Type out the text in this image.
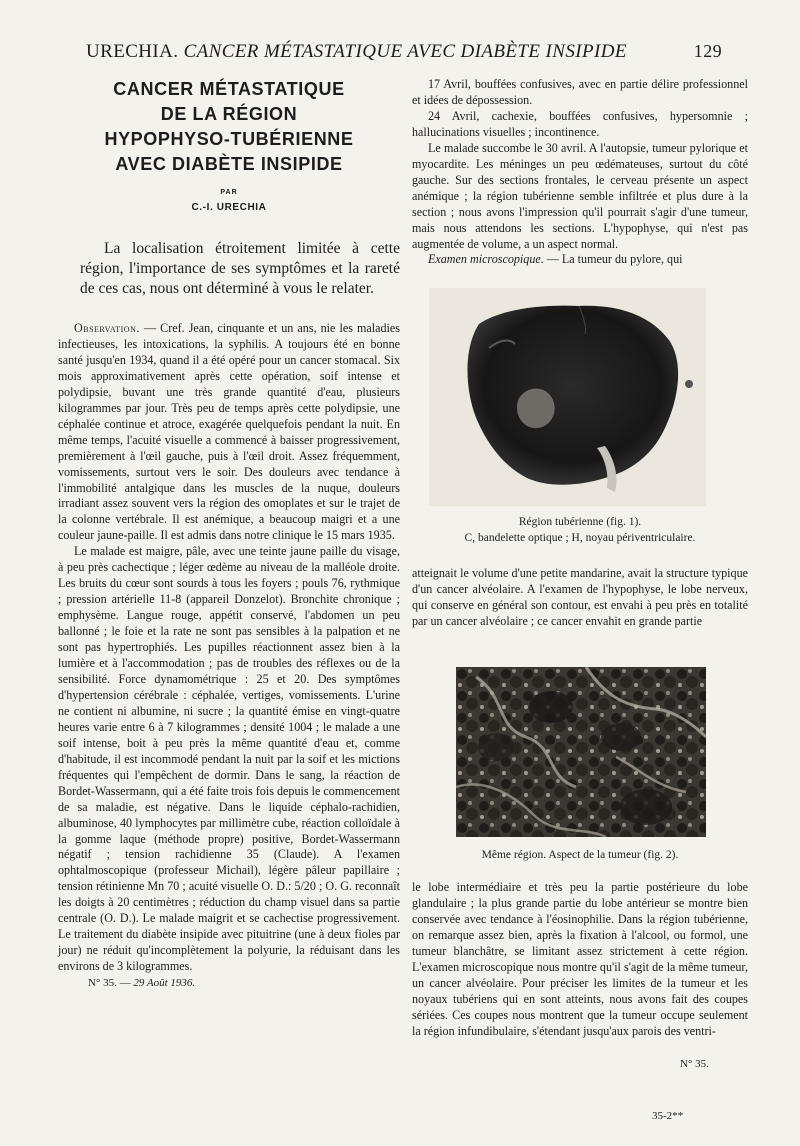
URECHIA. CANCER MÉTASTATIQUE AVEC DIABÈTE INSIPIDE	129

CANCER MÉTASTATIQUE

DE LA RÉGION

HYPOPHYSO-TUBÉRIENNE

AVEC DIABÈTE INSIPIDE

PAR
C.-I. URECHIA

La localisation étroitement limitée à cette région, l'importance de ses symptômes et la rareté de ces cas, nous ont déterminé à vous le relater.

Observation. — Cref. Jean, cinquante et un ans, nie les maladies infectieuses, les intoxications, la syphilis. A toujours été en bonne santé jusqu'en 1934, quand il a été opéré pour un cancer stomacal. Six mois approximativement après cette opération, soif intense et polydipsie, buvant une très grande quantité d'eau, plusieurs kilogrammes par jour. Très peu de temps après cette polydipsie, une céphalée continue et atroce, exagérée quelquefois pendant la nuit. En même temps, l'acuité visuelle a commencé à baisser progressivement, premièrement à l'œil gauche, puis à l'œil droit. Assez fréquemment, vomissements, surtout vers le soir. Des douleurs avec tendance à l'immobilité antalgique dans les muscles de la nuque, douleurs irradiant assez souvent vers la région des omoplates et sur le trajet de la colonne vertébrale. Il est anémique, a beaucoup maigri et a une couleur jaune-paille. Il est admis dans notre clinique le 15 mars 1935.

Le malade est maigre, pâle, avec une teinte jaune paille du visage, à peu près cachectique ; léger œdème au niveau de la malléole droite. Les bruits du cœur sont sourds à tous les foyers ; pouls 76, rythmique ; pression artérielle 11-8 (appareil Donzelot). Bronchite chronique ; emphysème. Langue rouge, appétit conservé, l'abdomen un peu ballonné ; le foie et la rate ne sont pas sensibles à la palpation et ne sont pas hypertrophiés. Les pupilles réactionnent assez bien à la lumière et à l'accommodation ; pas de troubles des réflexes ou de la sensibilité. Force dynamométrique : 25 et 20. Des symptômes d'hypertension cérébrale : céphalée, vertiges, vomissements. L'urine ne contient ni albumine, ni sucre ; la quantité émise en vingt-quatre heures varie entre 6 à 7 kilogrammes ; densité 1004 ; le malade a une soif intense, boit à peu près la même quantité d'eau et, comme d'habitude, il est incommodé pendant la nuit par la soif et les mictions fréquentes qui l'empêchent de dormir. Dans le sang, la réaction de Bordet-Wassermann, qui a été faite trois fois depuis le commencement de sa maladie, est négative. Dans le liquide céphalo-rachidien, albuminose, 40 lymphocytes par millimètre cube, réaction colloïdale à la gomme laque (méthode propre) positive, Bordet-Wassermann négatif ; tension rachidienne 35 (Claude). A l'examen ophtalmoscopique (professeur Michail), légère pâleur papillaire ; tension rétinienne Mn 70 ; acuité visuelle O. D.: 5/20 ; O. G. reconnaît les doigts à 20 centimètres ; réduction du champ visuel dans sa partie centrale (O. D.). Le malade maigrit et se cachectise progressivement. Le traitement du diabète insipide avec pituitrine (une à deux fioles par jour) ne réduit qu'incomplètement la polyurie, la réduisant dans les environs de 3 kilogrammes.

N° 35. — 29 Août 1936.

17 Avril, bouffées confusives, avec en partie délire professionnel et idées de dépossession.

24 Avril, cachexie, bouffées confusives, hypersomnie ; hallucinations visuelles ; incontinence.

Le malade succombe le 30 avril. A l'autopsie, tumeur pylorique et myocardite. Les méninges un peu œdémateuses, surtout du côté gauche. Sur des sections frontales, le cerveau présente un aspect anémique ; la région tubérienne semble infiltrée et plus dure à la section ; nous avons l'impression qu'il pourrait s'agir d'une tumeur, mais nous attendons les sections. L'hypophyse, qui n'est pas augmentée de volume, a un aspect normal.

Examen microscopique. — La tumeur du pylore, qui

Région tubérienne (fig. 1).
C, bandelette optique ; H, noyau périventriculaire.

atteignait le volume d'une petite mandarine, avait la structure typique d'un cancer alvéolaire. A l'examen de l'hypophyse, le lobe nerveux, qui conserve en général son contour, est envahi à peu près en totalité par un cancer alvéolaire ; ce cancer envahit en grande partie

Même région. Aspect de la tumeur (fig. 2).

le lobe intermédiaire et très peu la partie postérieure du lobe glandulaire ; la plus grande partie du lobe antérieur se montre bien conservée avec tendance à l'éosinophilie. Dans la région tubérienne, on remarque assez bien, après la fixation à l'alcool, ou formol, une tumeur blanchâtre, se limitant assez strictement à cette région. L'examen microscopique nous montre qu'il s'agit de la même tumeur, un cancer alvéolaire. Pour préciser les limites de la tumeur et les noyaux tubériens qui en sont atteints, nous avons fait des coupes sériées. Ces coupes nous montrent que la tumeur occupe seulement la région infundibulaire, s'étendant jusqu'aux parois des ventri-

N° 35.
35-2**
